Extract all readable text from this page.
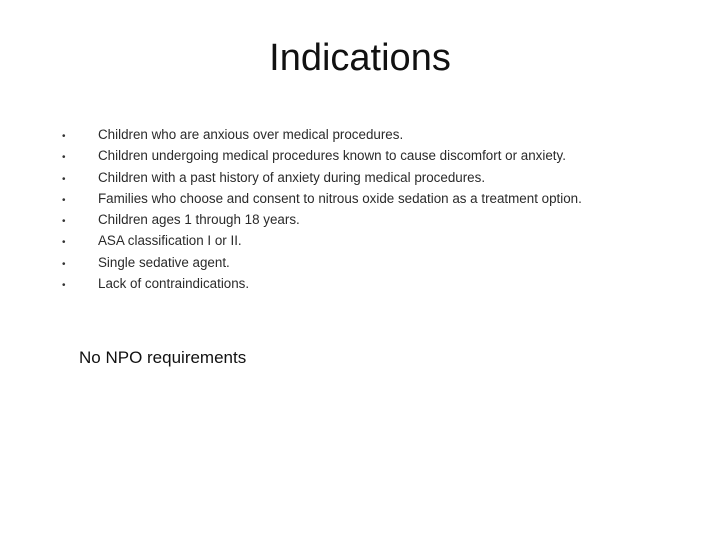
Indications
•	Children who are anxious over medical procedures.
•	Children undergoing medical procedures known to cause discomfort or anxiety.
•	Children with a past history of anxiety during medical procedures.
•	Families who choose and consent to nitrous oxide sedation as a treatment option.
•	Children ages 1 through 18 years.
•	ASA classification I or II.
•	Single sedative agent.
•	Lack of contraindications.
No NPO requirements
